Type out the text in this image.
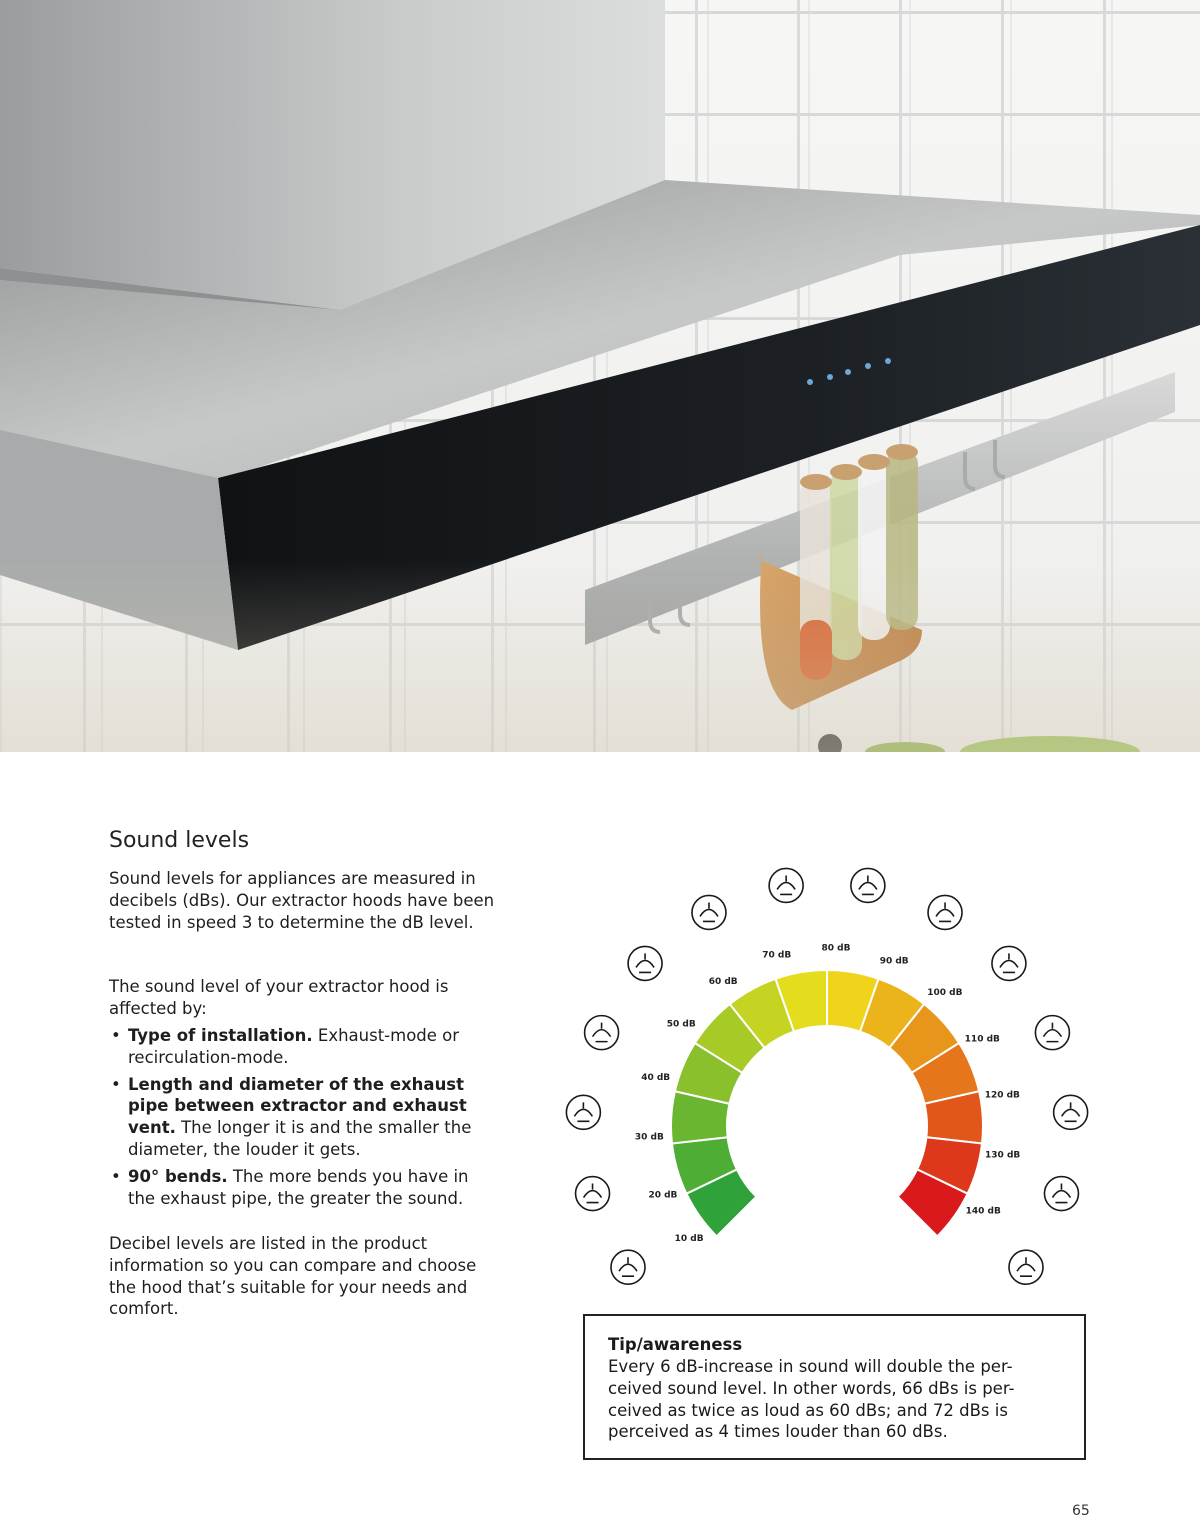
Sound levels

Sound levels for appliances are measured in decibels (dBs). Our extractor hoods have been tested in speed 3 to determine the dB level.

The sound level of your extractor hood is affected by:

• Type of installation. Exhaust-mode or recirculation-mode.
• Length and diameter of the exhaust pipe between extractor and exhaust vent. The longer it is and the smaller the diameter, the louder it gets.
• 90° bends. The more bends you have in the exhaust pipe, the greater the sound.

Decibel levels are listed in the product information so you can compare and choose the hood that’s suitable for your needs and comfort.

10 dB
20 dB
30 dB
40 dB
50 dB
60 dB
70 dB
80 dB
90 dB
100 dB
110 dB
120 dB
130 dB
140 dB

Tip/awareness

Every 6 dB-increase in sound will double the per-ceived sound level. In other words, 66 dBs is per-ceived as twice as loud as 60 dBs; and 72 dBs is perceived as 4 times louder than 60 dBs.

65
